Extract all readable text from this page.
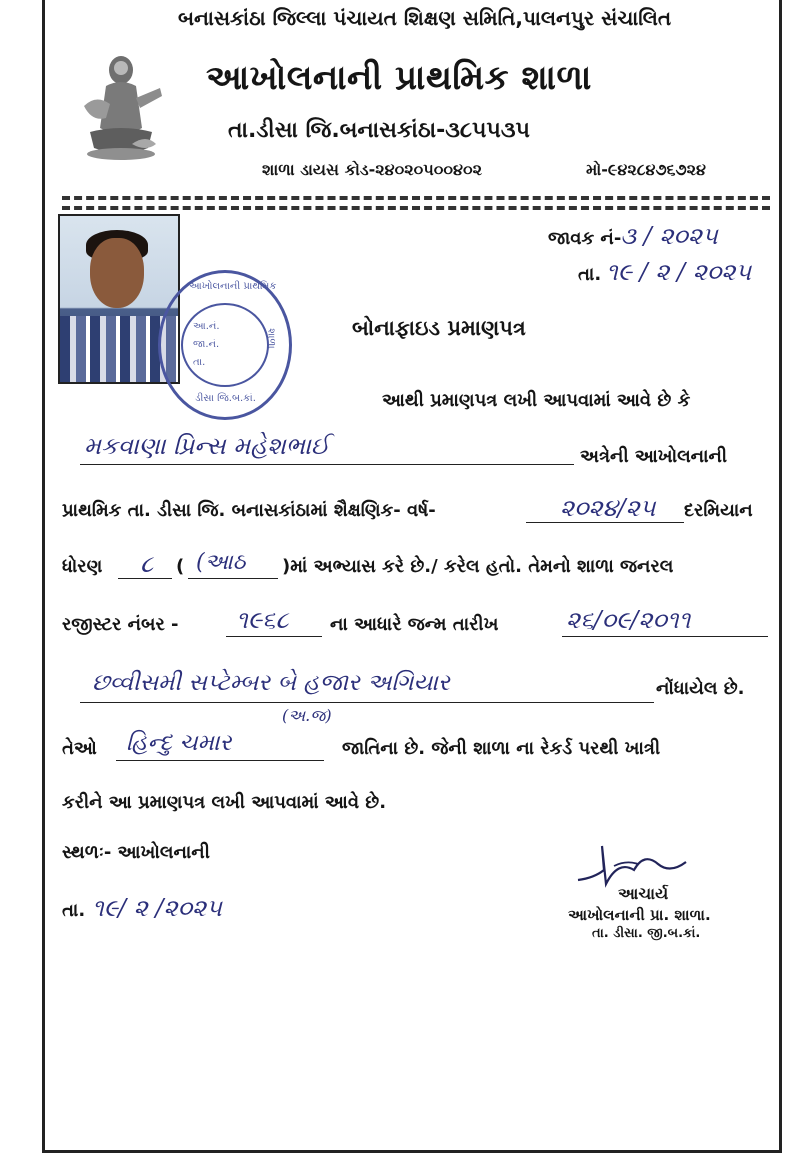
બનાસકાંઠા જિલ્લા પંચાયત શિક્ષણ સમિતિ,પાલનપુર સંચાલિત
આખોલનાની પ્રાથમિક શાળા
તા.ડીસા જિ.બનાસકાંઠા-૩૮૫૫૩૫
શાળા ડાયસ કોડ-૨૪૦૨૦૫૦૦૪૦૨	મો-૯૪૨૮૪૭૬૭૨૪
જાવક નં-
૩ / ૨૦૨૫
તા. ૧૯ / ૨ / ૨૦૨૫
આખોલનાની પ્રાથમિક
શાળા
ડીસા જિ.બ.કાં.
આ.નં.
જા.નં.
તા.
બોનાફાઇડ પ્રમાણપત્ર
આથી પ્રમાણપત્ર લખી આપવામાં આવે છે કે
મકવાણા પ્રિન્સ મહેશભાઈ	અત્રેની આખોલનાની
પ્રાથમિક તા. ડીસા જિ. બનાસકાંઠામાં શૈક્ષણિક- વર્ષ-	૨૦૨૪/૨૫ દરમિયાન
ધોરણ ૮ ( (આઠ )માં અભ્યાસ કરે છે./ કરેલ હતો. તેમનો શાળા જનરલ
રજીસ્ટર નંબર - ૧૯૬૮ ના આધારે જન્મ તારીખ	૨૬/૦૯/૨૦૧૧
છવ્વીસમી સપ્ટેમ્બર બે હજાર અગિયાર	નોંધાયેલ છે.
તેઓ હિન્દુ ચમાર
(અ.જ)
જાતિના છે. જેની શાળા ના રેકર્ડ પરથી ખાત્રી
કરીને આ પ્રમાણપત્ર લખી આપવામાં આવે છે.
સ્થળઃ- આખોલનાની
તા. ૧૯/ ૨ /૨૦૨૫
આચાર્ય
આખોલનાની પ્રા. શાળા.
તા. ડીસા. જી.બ.કાં.
